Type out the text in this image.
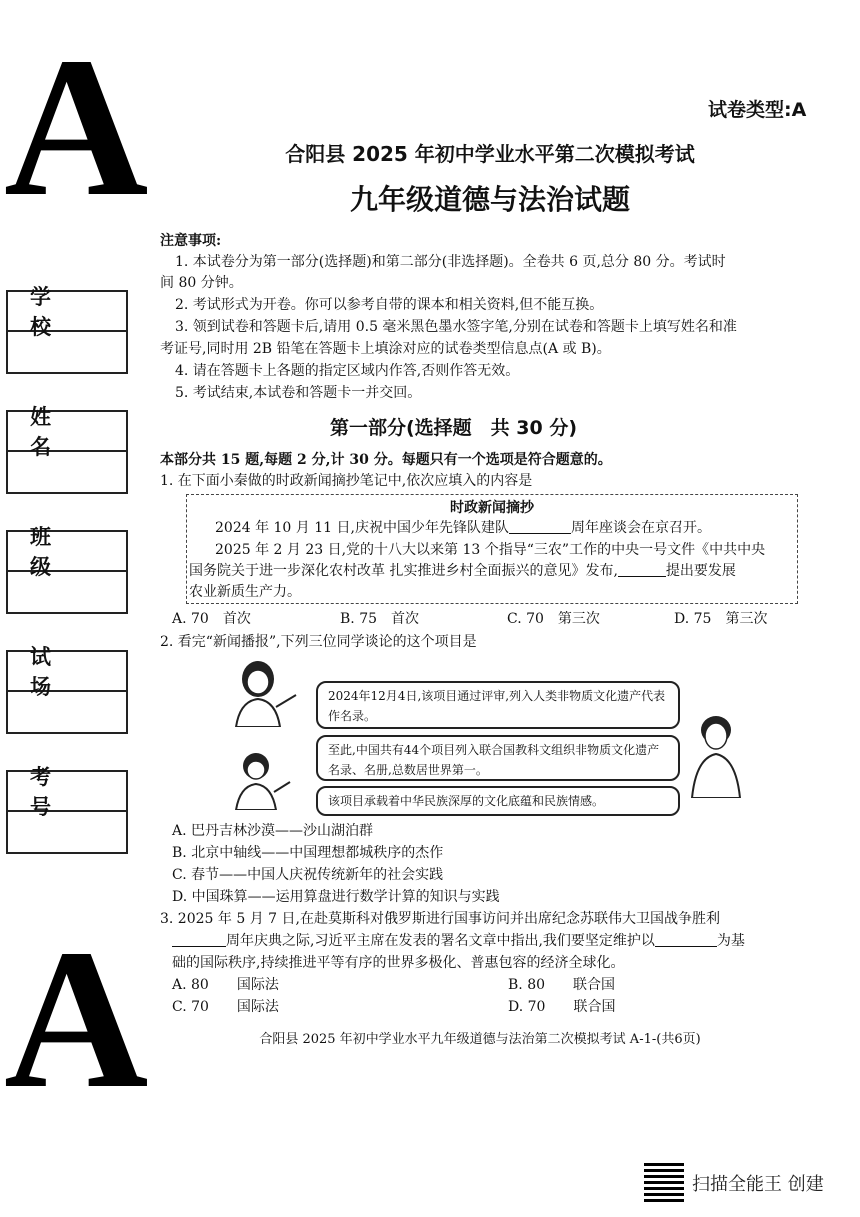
A
A
试卷类型:A
合阳县 2025 年初中学业水平第二次模拟考试
九年级道德与法治试题
学 校
姓 名
班 级
试 场
考 号
注意事项:
1. 本试卷分为第一部分(选择题)和第二部分(非选择题)。全卷共 6 页,总分 80 分。考试时
间 80 分钟。
2. 考试形式为开卷。你可以参考自带的课本和相关资料,但不能互换。
3. 领到试卷和答题卡后,请用 0.5 毫米黑色墨水签字笔,分别在试卷和答题卡上填写姓名和准
考证号,同时用 2B 铅笔在答题卡上填涂对应的试卷类型信息点(A 或 B)。
4. 请在答题卡上各题的指定区域内作答,否则作答无效。
5. 考试结束,本试卷和答题卡一并交回。
第一部分(选择题　共 30 分)
本部分共 15 题,每题 2 分,计 30 分。每题只有一个选项是符合题意的。
1. 在下面小秦做的时政新闻摘抄笔记中,依次应填入的内容是
时政新闻摘抄
2024 年 10 月 11 日,庆祝中国少年先锋队建队	周年座谈会在京召开。
2025 年 2 月 23 日,党的十八大以来第 13 个指导“三农”工作的中央一号文件《中共中央
国务院关于进一步深化农村改革 扎实推进乡村全面振兴的意见》发布,	提出要发展
农业新质生产力。
A. 70　首次	B. 75　首次	C. 70　第三次	D. 75　第三次
2. 看完“新闻播报”,下列三位同学谈论的这个项目是
2024年12月4日,该项目通过评审,列入人类非物质文化遗产代表作名录。
至此,中国共有44个项目列入联合国教科文组织非物质文化遗产名录、名册,总数居世界第一。
该项目承载着中华民族深厚的文化底蕴和民族情感。
A. 巴丹吉林沙漠——沙山湖泊群
B. 北京中轴线——中国理想都城秩序的杰作
C. 春节——中国人庆祝传统新年的社会实践
D. 中国珠算——运用算盘进行数学计算的知识与实践
3. 2025 年 5 月 7 日,在赴莫斯科对俄罗斯进行国事访问并出席纪念苏联伟大卫国战争胜利
周年庆典之际,习近平主席在发表的署名文章中指出,我们要坚定维护以	为基
础的国际秩序,持续推进平等有序的世界多极化、普惠包容的经济全球化。
A. 80　　国际法	B. 80　　联合国
C. 70　　国际法	D. 70　　联合国
合阳县 2025 年初中学业水平九年级道德与法治第二次模拟考试 A-1-(共6页)
扫描全能王 创建
